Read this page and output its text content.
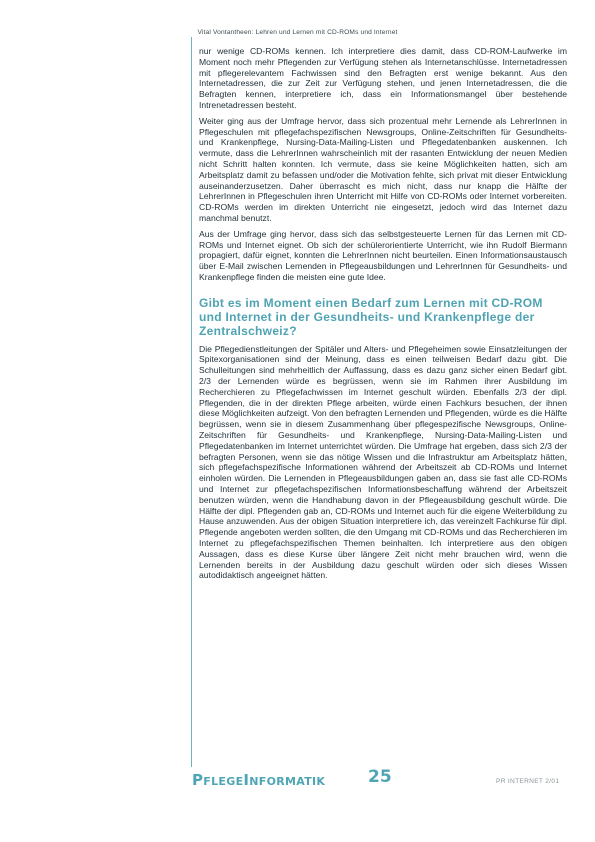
Vital Vontantheen: Lehren und Lernen mit CD-ROMs und Internet

nur wenige CD-ROMs kennen. Ich interpretiere dies damit, dass CD-ROM-Laufwerke im Moment noch mehr Pflegenden zur Verfügung stehen als Internetanschlüsse. Internetadressen mit pflegerelevantem Fachwissen sind den Befragten erst wenige bekannt. Aus den Internetadressen, die zur Zeit zur Verfügung stehen, und jenen Internetadressen, die die Befragten kennen, interpretiere ich, dass ein Informationsmangel über bestehende Intrenetadressen besteht.

Weiter ging aus der Umfrage hervor, dass sich prozentual mehr Lernende als LehrerInnen in Pflegeschulen mit pflegefachspezifischen Newsgroups, Online-Zeitschriften für Gesundheits- und Krankenpflege, Nursing-Data-Mailing-Listen und Pflegedatenbanken auskennen. Ich vermute, dass die LehrerInnen wahrscheinlich mit der rasanten Entwicklung der neuen Medien nicht Schritt halten konnten. Ich vermute, dass sie keine Möglichkeiten hatten, sich am Arbeitsplatz damit zu befassen und/oder die Motivation fehlte, sich privat mit dieser Entwicklung auseinanderzusetzen. Daher überrascht es mich nicht, dass nur knapp die Hälfte der LehrerInnen in Pflegeschulen ihren Unterricht mit Hilfe von CD-ROMs oder Internet vorbereiten. CD-ROMs werden im direkten Unterricht nie eingesetzt, jedoch wird das Internet dazu manchmal benutzt.

Aus der Umfrage ging hervor, dass sich das selbstgesteuerte Lernen für das Lernen mit CD-ROMs und Internet eignet. Ob sich der schülerorientierte Unterricht, wie ihn Rudolf Biermann propagiert, dafür eignet, konnten die LehrerInnen nicht beurteilen. Einen Informationsaustausch über E-Mail zwischen Lernenden in Pflegeausbildungen und LehrerInnen für Gesundheits- und Krankenpflege finden die meisten eine gute Idee.

Gibt es im Moment einen Bedarf zum Lernen mit CD-ROM und Internet in der Gesundheits- und Krankenpflege der Zentralschweiz?

Die Pflegedienstleitungen der Spitäler und Alters- und Pflegeheimen sowie Einsatzleitungen der Spitexorganisationen sind der Meinung, dass es einen teilweisen Bedarf dazu gibt. Die Schulleitungen sind mehrheitlich der Auffassung, dass es dazu ganz sicher einen Bedarf gibt. 2/3 der Lernenden würde es begrüssen, wenn sie im Rahmen ihrer Ausbildung im Recherchieren zu Pflegefachwissen im Internet geschult würden. Ebenfalls 2/3 der dipl. Pflegenden, die in der direkten Pflege arbeiten, würde einen Fachkurs besuchen, der ihnen diese Möglichkeiten aufzeigt. Von den befragten Lernenden und Pflegenden, würde es die Hälfte begrüssen, wenn sie in diesem Zusammenhang über pflegespezifische Newsgroups, Online-Zeitschriften für Gesundheits- und Krankenpflege, Nursing-Data-Mailing-Listen und Pflegedatenbanken im Internet unterrichtet würden. Die Umfrage hat ergeben, dass sich 2/3 der befragten Personen, wenn sie das nötige Wissen und die Infrastruktur am Arbeitsplatz hätten, sich pflegefachspezifische Informationen während der Arbeitszeit ab CD-ROMs und Internet einholen würden. Die Lernenden in Pflegeausbildungen gaben an, dass sie fast alle CD-ROMs und Internet zur pflegefachspezifischen Informationsbeschaffung während der Arbeitszeit benutzen würden, wenn die Handhabung davon in der Pflegeausbildung geschult würde. Die Hälfte der dipl. Pflegenden gab an, CD-ROMs und Internet auch für die eigene Weiterbildung zu Hause anzuwenden. Aus der obigen Situation interpretiere ich, das vereinzelt Fachkurse für dipl. Pflegende angeboten werden sollten, die den Umgang mit CD-ROMs und das Recherchieren im Internet zu pflegefachspezifischen Themen beinhalten. Ich interpretiere aus den obigen Aussagen, dass es diese Kurse über längere Zeit nicht mehr brauchen wird, wenn die Lernenden bereits in der Ausbildung dazu geschult würden oder sich dieses Wissen autodidaktisch angeeignet hätten.

PFLEGEINFORMATIK	25	PR INTERNET 2/01
